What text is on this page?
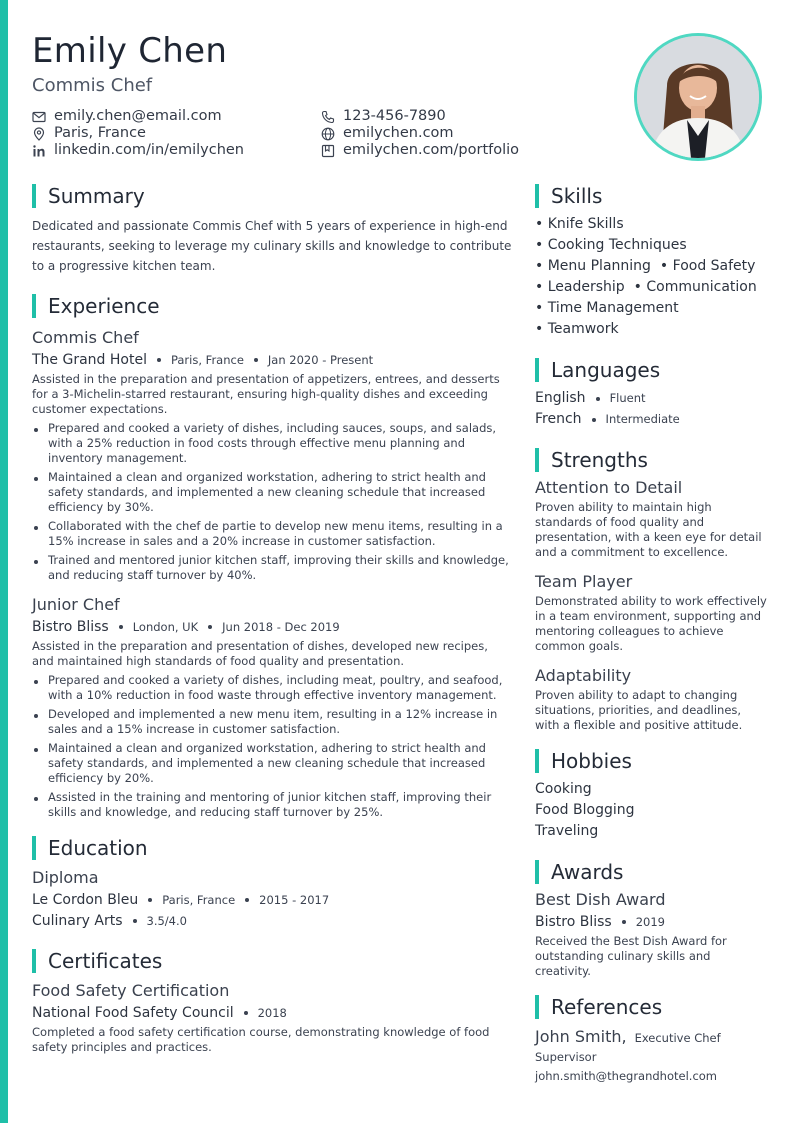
Emily Chen
Commis Chef
emily.chen@email.com	123-456-7890
Paris, France	emilychen.com
linkedin.com/in/emilychen	emilychen.com/portfolio
Summary
Dedicated and passionate Commis Chef with 5 years of experience in high-end restaurants, seeking to leverage my culinary skills and knowledge to contribute to a progressive kitchen team.
Experience
Commis Chef
The Grand Hotel Paris, France Jan 2020 - Present
Assisted in the preparation and presentation of appetizers, entrees, and desserts for a 3-Michelin-starred restaurant, ensuring high-quality dishes and exceeding customer expectations.
Prepared and cooked a variety of dishes, including sauces, soups, and salads, with a 25% reduction in food costs through effective menu planning and inventory management.
Maintained a clean and organized workstation, adhering to strict health and safety standards, and implemented a new cleaning schedule that increased efficiency by 30%.
Collaborated with the chef de partie to develop new menu items, resulting in a 15% increase in sales and a 20% increase in customer satisfaction.
Trained and mentored junior kitchen staff, improving their skills and knowledge, and reducing staff turnover by 40%.
Junior Chef
Bistro Bliss London, UK Jun 2018 - Dec 2019
Assisted in the preparation and presentation of dishes, developed new recipes, and maintained high standards of food quality and presentation.
Prepared and cooked a variety of dishes, including meat, poultry, and seafood, with a 10% reduction in food waste through effective inventory management.
Developed and implemented a new menu item, resulting in a 12% increase in sales and a 15% increase in customer satisfaction.
Maintained a clean and organized workstation, adhering to strict health and safety standards, and implemented a new cleaning schedule that increased efficiency by 20%.
Assisted in the training and mentoring of junior kitchen staff, improving their skills and knowledge, and reducing staff turnover by 25%.
Education
Diploma
Le Cordon Bleu Paris, France 2015 - 2017
Culinary Arts 3.5/4.0
Certificates
Food Safety Certification
National Food Safety Council 2018
Completed a food safety certification course, demonstrating knowledge of food safety principles and practices.
Skills
• Knife Skills
• Cooking Techniques
• Menu Planning	• Food Safety
• Leadership	• Communication
• Time Management
• Teamwork
Languages
English Fluent
French Intermediate
Strengths
Attention to Detail
Proven ability to maintain high standards of food quality and presentation, with a keen eye for detail and a commitment to excellence.
Team Player
Demonstrated ability to work effectively in a team environment, supporting and mentoring colleagues to achieve common goals.
Adaptability
Proven ability to adapt to changing situations, priorities, and deadlines, with a flexible and positive attitude.
Hobbies
Cooking
Food Blogging
Traveling
Awards
Best Dish Award
Bistro Bliss 2019
Received the Best Dish Award for outstanding culinary skills and creativity.
References
John Smith, Executive Chef
Supervisor
john.smith@thegrandhotel.com
